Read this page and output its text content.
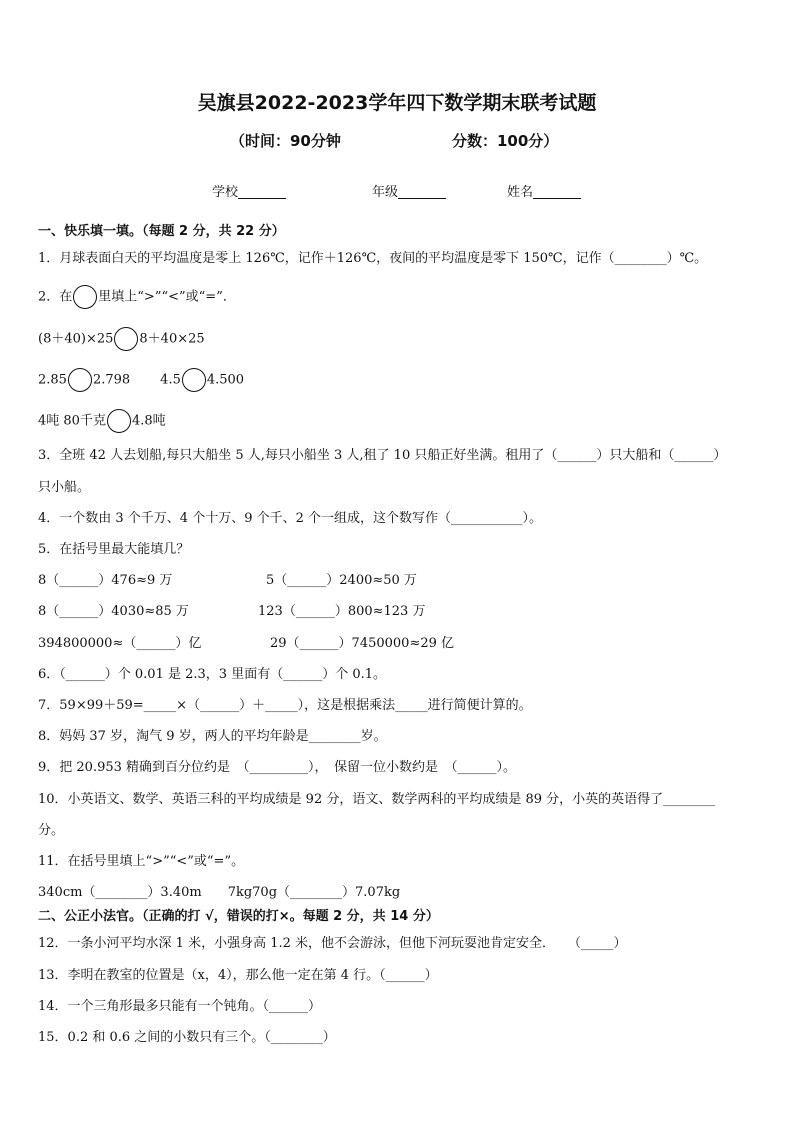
吴旗县2022-2023学年四下数学期末联考试题
（时间：90分钟	分数：100分）
学校	年级	姓名
一、快乐填一填。（每题 2 分，共 22 分）
1．月球表面白天的平均温度是零上 126℃，记作＋126℃，夜间的平均温度是零下 150℃，记作（________）℃。
2．在 里填上“>”“<”或“=”．
(8＋40)×25 8＋40×25
2.85 2.798 4.5 4.500
4吨 80千克 4.8吨
3．全班 42 人去划船,每只大船坐 5 人,每只小船坐 3 人,租了 10 只船正好坐满。租用了（______）只大船和（______）
只小船。
4．一个数由 3 个千万、4 个十万、9 个千、2 个一组成，这个数写作（___________）。
5．在括号里最大能填几？
8（______）476≈9 万	5（______）2400≈50 万
8（______）4030≈85 万	123（______）800≈123 万
394800000≈（______）亿	29（______）7450000≈29 亿
6．（______）个 0.01 是 2.3，3 里面有（______）个 0.1。
7．59×99＋59=_____×（______）＋_____），这是根据乘法_____进行简便计算的。
8．妈妈 37 岁，淘气 9 岁，两人的平均年龄是________岁。
9．把 20.953 精确到百分位约是　（_________），　保留一位小数约是　（______）。
10．小英语文、数学、英语三科的平均成绩是 92 分，语文、数学两科的平均成绩是 89 分，小英的英语得了________
分。
11．在括号里填上“>”“<”或“=”。
340cm（________）3.40m　　7kg70g（________）7.07kg
二、公正小法官。（正确的打 √，错误的打×。每题 2 分，共 14 分）
12．一条小河平均水深 1 米，小强身高 1.2 米，他不会游泳，但他下河玩耍池肯定安全．　　（_____）
13．李明在教室的位置是（x，4），那么他一定在第 4 行。（______）
14．一个三角形最多只能有一个钝角。（______）
15．0.2 和 0.6 之间的小数只有三个。（________）
